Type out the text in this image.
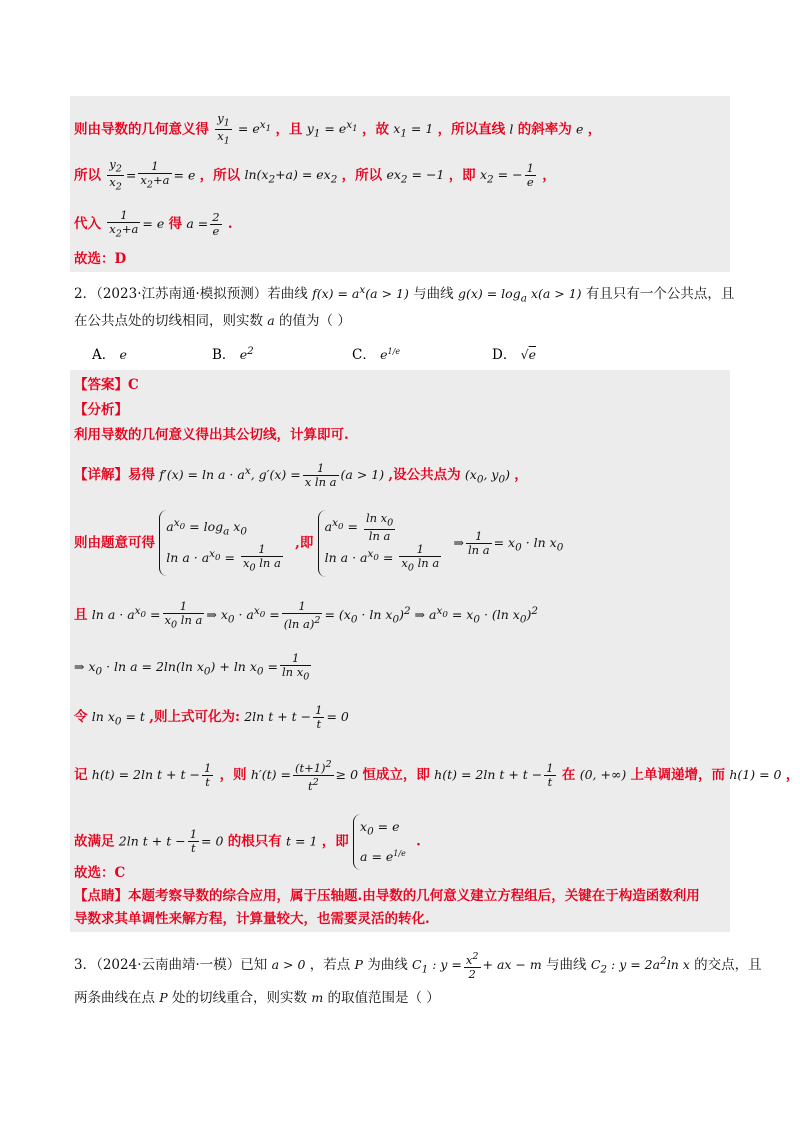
则由导数的几何意义得 $\frac{y_1}{x_1} = e^{x_1}$ ，且 $y_1 = e^{x_1}$ ，故 $x_1 = 1$ ，所以直线 l 的斜率为 e ，
所以 $\frac{y_2}{x_2} = \frac{1}{x_2+a} = e$ ，所以 $\ln(x_2+a) = ex_2$ ，所以 $ex_2 = -1$ ，即 $x_2$ = − $\frac{1}{e}$ ，
代入 $\frac{1}{x_2+a} = e$ 得 $a = \frac{2}{e}$ .
故选：D
2．（2023·江苏南通·模拟预测）若曲线 $f(x) = a^x(a > 1)$ 与曲线 $g(x) = \log_a x(a > 1)$ 有且只有一个公共点，且
在公共点处的切线相同，则实数 a 的值为（ ）
A． e	B． $e^2$	C． $e^{1/e}$	D． √e
【答案】C
【分析】
利用导数的几何意义得出其公切线，计算即可.
【详解】易得 $f'(x) = \ln a \cdot a^x$, $g'(x) = \frac{1}{\text{x ln a}} (a > 1)$ ,设公共点为 ($x_0$, $y_0$) ，
则由题意可得
$a^{x_0} = \log_a x_0$
$\ln a \cdot a^{x_0} = \frac{1}{x_0 \ln a}$
,即
$a^{x_0} = \frac{\ln x_0}{\text{ln a}}$
$\ln a \cdot a^{x_0} = \frac{1}{x_0 \ln a}$
⇒ $\frac{1}{\text{ln a}} = x_0 \cdot \ln x_0$
且 $\ln a \cdot a^{x_0} = \frac{1}{x_0 \ln a}$ ⇒ $x_0 \cdot a^{x_0} = \frac{1}{(\ln a)^2} = (x_0 \cdot \ln x_0)^2$ ⇒ $a^{x_0} = x_0 \cdot (\ln$ $x_0)^2$
⇒ $x_0 \cdot \ln a = 2\ln(\ln$ $x_0) + \ln x_0 = \frac{1}{\ln x_0}$
令 $\ln x_0 = t$ ,则上式可化为: 2ln $t + t - \frac{1}{t} = 0$
记 h(t) = 2ln $t + t - \frac{1}{t}$ ，则 $h'(t) = \frac{(t+1)^2}{t^2} \ge 0$ 恒成立，即 h(t) = 2ln $t + t - \frac{1}{t}$ 在 (0, +∞) 上单调递增，而 h(1) = 0 ，
故满足 2ln $t + t - \frac{1}{t} = 0$ 的根只有 t = 1 ，即
$x_0 = e$
$a = e^{1/e}$
.
故选：C
【点睛】本题考察导数的综合应用，属于压轴题.由导数的几何意义建立方程组后，关键在于构造函数利用
导数求其单调性来解方程，计算量较大，也需要灵活的转化.
3．（2024·云南曲靖·一模）已知 a > 0 ，若点 P 为曲线 $C_1$ : $y = \frac{x^2}{2}$ + ax − m 与曲线 $C_2$ : $y = 2a^2\ln$ x 的交点，且
两条曲线在点 P 处的切线重合，则实数 m 的取值范围是（ ）
